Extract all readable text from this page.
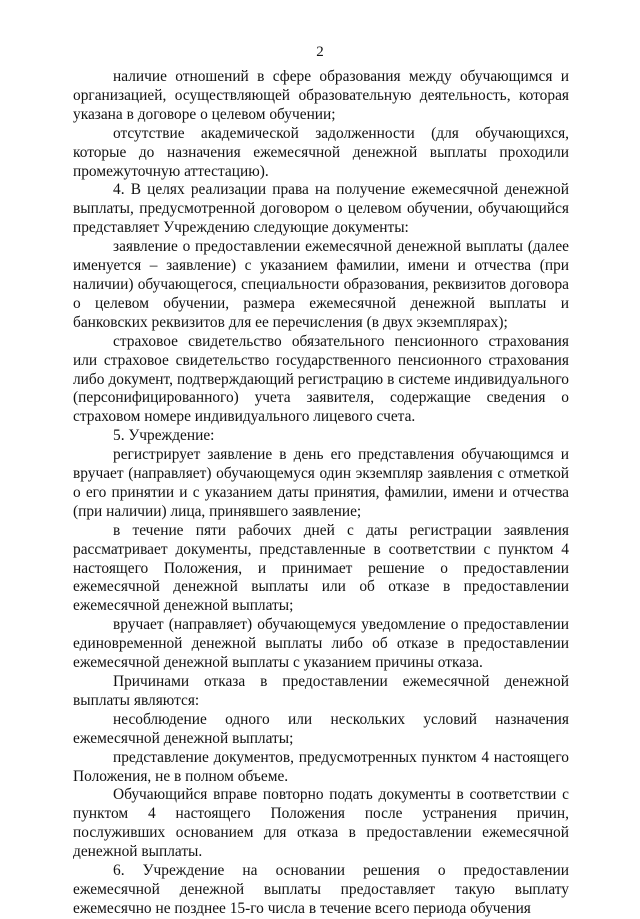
2

наличие отношений в сфере образования между обучающимся и организацией, осуществляющей образовательную деятельность, которая указана в договоре о целевом обучении;

отсутствие академической задолженности (для обучающихся, которые до назначения ежемесячной денежной выплаты проходили промежуточную аттестацию).

4. В целях реализации права на получение ежемесячной денежной выплаты, предусмотренной договором о целевом обучении, обучающийся представляет Учреждению следующие документы:

заявление о предоставлении ежемесячной денежной выплаты (далее именуется – заявление) с указанием фамилии, имени и отчества (при наличии) обучающегося, специальности образования, реквизитов договора о целевом обучении, размера ежемесячной денежной выплаты и банковских реквизитов для ее перечисления (в двух экземплярах);

страховое свидетельство обязательного пенсионного страхования или страховое свидетельство государственного пенсионного страхования либо документ, подтверждающий регистрацию в системе индивидуального (персонифицированного) учета заявителя, содержащие сведения о страховом номере индивидуального лицевого счета.

5. Учреждение:

регистрирует заявление в день его представления обучающимся и вручает (направляет) обучающемуся один экземпляр заявления с отметкой о его принятии и с указанием даты принятия, фамилии, имени и отчества (при наличии) лица, принявшего заявление;

в течение пяти рабочих дней с даты регистрации заявления рассматривает документы, представленные в соответствии с пунктом 4 настоящего Положения, и принимает решение о предоставлении ежемесячной денежной выплаты или об отказе в предоставлении ежемесячной денежной выплаты;

вручает (направляет) обучающемуся уведомление о предоставлении единовременной денежной выплаты либо об отказе в предоставлении ежемесячной денежной выплаты с указанием причины отказа.

Причинами отказа в предоставлении ежемесячной денежной выплаты являются:

несоблюдение одного или нескольких условий назначения ежемесячной денежной выплаты;

представление документов, предусмотренных пунктом 4 настоящего Положения, не в полном объеме.

Обучающийся вправе повторно подать документы в соответствии с пунктом 4 настоящего Положения после устранения причин, послуживших основанием для отказа в предоставлении ежемесячной денежной выплаты.

6. Учреждение на основании решения о предоставлении ежемесячной денежной выплаты предоставляет такую выплату ежемесячно не позднее 15-го числа в течение всего периода обучения
